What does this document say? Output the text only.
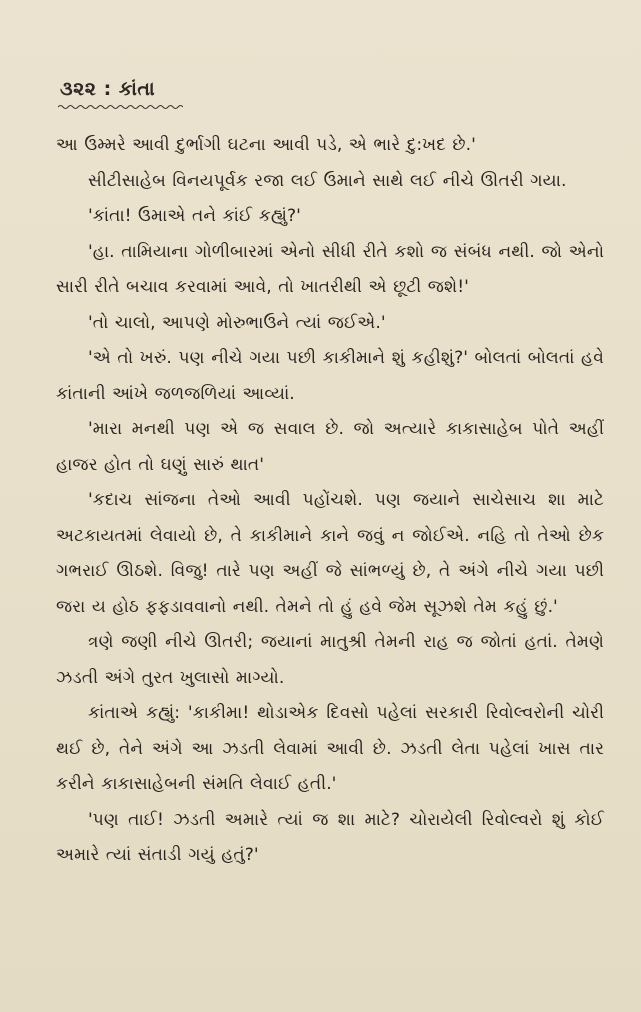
૩૨૨ : કાંતા

આ ઉમ્મરે આવી દુર્ભાગી ઘટના આવી પડે, એ ભારે દુ:ખદ છે.'

સીટીસાહેબ વિનયપૂર્વક રજા લઈ ઉમાને સાથે લઈ નીચે ઊતરી ગયા.

'કાંતા! ઉમાએ તને કાંઈ કહ્યું?'

'હા. તામિયાના ગોળીબારમાં એનો સીધી રીતે કશો જ સંબંધ નથી. જો એનો સારી રીતે બચાવ કરવામાં આવે, તો ખાતરીથી એ છૂટી જશે!'

'તો ચાલો, આપણે મોરુભાઉને ત્યાં જઈએ.'

'એ તો ખરું. પણ નીચે ગયા પછી કાકીમાને શું કહીશું?' બોલતાં બોલતાં હવે કાંતાની આંખે જળજળિયાં આવ્યાં.

'મારા મનથી પણ એ જ સવાલ છે. જો અત્યારે કાકાસાહેબ પોતે અહીં હાજર હોત તો ઘણું સારું થાત'

'કદાચ સાંજના તેઓ આવી પહોંચશે. પણ જયાને સાચેસાચ શા માટે અટકાયતમાં લેવાયો છે, તે કાકીમાને કાને જવું ન જોઈએ. નહિ તો તેઓ છેક ગભરાઈ ઊઠશે. વિજુ! તારે પણ અહીં જે સાંભળ્યું છે, તે અંગે નીચે ગયા પછી જરા ય હોઠ ફફડાવવાનો નથી. તેમને તો હું હવે જેમ સૂઝશે તેમ કહું છું.'

ત્રણે જણી નીચે ઊતરી; જયાનાં માતુશ્રી તેમની રાહ જ જોતાં હતાં. તેમણે ઝડતી અંગે તુરત ખુલાસો માગ્યો.

કાંતાએ કહ્યું: 'કાકીમા! થોડાએક દિવસો પહેલાં સરકારી રિવોલ્વરોની ચોરી થઈ છે, તેને અંગે આ ઝડતી લેવામાં આવી છે. ઝડતી લેતા પહેલાં ખાસ તાર કરીને કાકાસાહેબની સંમતિ લેવાઈ હતી.'

'પણ તાઈ! ઝડતી અમારે ત્યાં જ શા માટે? ચોરાયેલી રિવોલ્વરો શું કોઈ અમારે ત્યાં સંતાડી ગયું હતું?'
